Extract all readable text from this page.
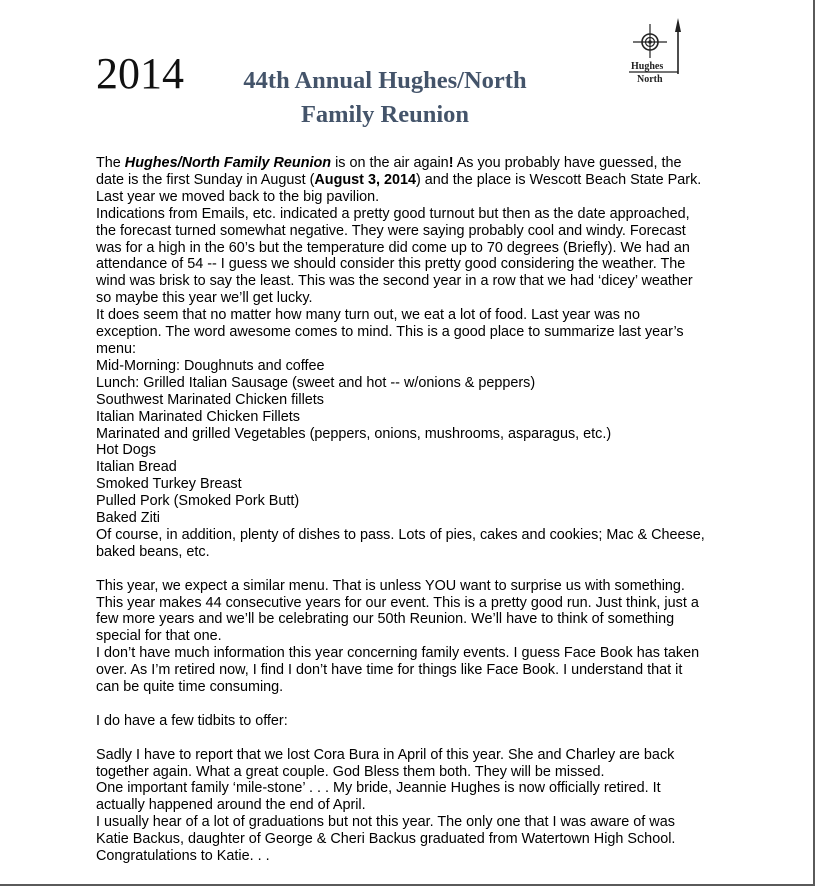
2014	44th Annual Hughes/North
Family Reunion
Hughes
North

The Hughes/North Family Reunion is on the air again! As you probably have guessed, the

date is the first Sunday in August (August 3, 2014) and the place is Wescott Beach State Park.

Last year we moved back to the big pavilion.

Indications from Emails, etc. indicated a pretty good turnout but then as the date approached,

the forecast turned somewhat negative. They were saying probably cool and windy. Forecast

was for a high in the 60’s but the temperature did come up to 70 degrees (Briefly). We had an

attendance of 54 -- I guess we should consider this pretty good considering the weather. The

wind was brisk to say the least. This was the second year in a row that we had ‘dicey’ weather

so maybe this year we’ll get lucky.

It does seem that no matter how many turn out, we eat a lot of food. Last year was no

exception. The word awesome comes to mind. This is a good place to summarize last year’s

menu:

Mid-Morning: Doughnuts and coffee

Lunch: Grilled Italian Sausage (sweet and hot -- w/onions & peppers)

Southwest Marinated Chicken fillets

Italian Marinated Chicken Fillets

Marinated and grilled Vegetables (peppers, onions, mushrooms, asparagus, etc.)

Hot Dogs

Italian Bread

Smoked Turkey Breast

Pulled Pork (Smoked Pork Butt)

Baked Ziti

Of course, in addition, plenty of dishes to pass. Lots of pies, cakes and cookies; Mac & Cheese,

baked beans, etc.

This year, we expect a similar menu. That is unless YOU want to surprise us with something.

This year makes 44 consecutive years for our event. This is a pretty good run. Just think, just a

few more years and we’ll be celebrating our 50th Reunion. We’ll have to think of something

special for that one.

I don’t have much information this year concerning family events. I guess Face Book has taken

over. As I’m retired now, I find I don’t have time for things like Face Book. I understand that it

can be quite time consuming.

I do have a few tidbits to offer:

Sadly I have to report that we lost Cora Bura in April of this year. She and Charley are back

together again. What a great couple. God Bless them both. They will be missed.

One important family ‘mile-stone’ . . . My bride, Jeannie Hughes is now officially retired. It

actually happened around the end of April.

I usually hear of a lot of graduations but not this year. The only one that I was aware of was

Katie Backus, daughter of George & Cheri Backus graduated from Watertown High School.

Congratulations to Katie. . .
